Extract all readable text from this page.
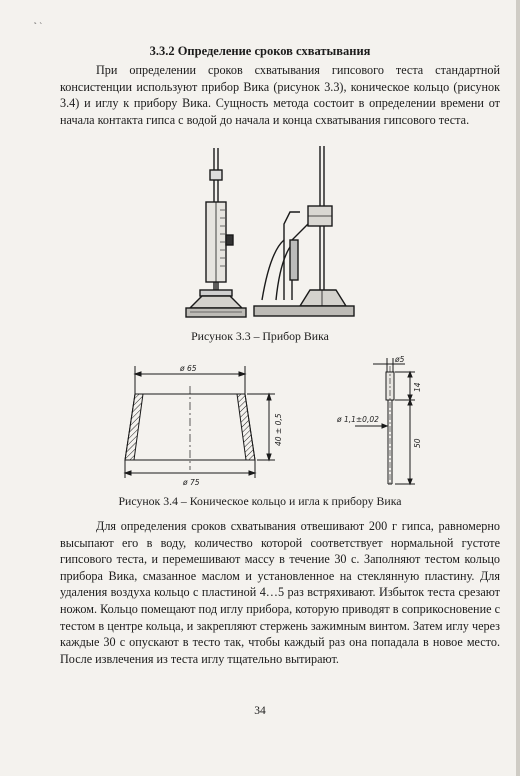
˛ ˏ
3.3.2 Определение сроков схватывания

При определении сроков схватывания гипсового теста стандартной консистенции используют прибор Вика (рисунок 3.3), коническое кольцо (рисунок 3.4) и иглу к прибору Вика. Сущность метода состоит в определении времени от начала контакта гипса с водой до начала и конца схватывания гипсового теста.

Рисунок 3.3 – Прибор Вика
ø 65
40 ± 0,5
ø 75
ø5
14
ø 1,1±0,02
50
Рисунок 3.4 – Коническое кольцо и игла к прибору Вика

Для определения сроков схватывания отвешивают 200 г гипса, равномерно высыпают его в воду, количество которой соответствует нормальной густоте гипсового теста, и перемешивают массу в течение 30 с. Заполняют тестом кольцо прибора Вика, смазанное маслом и установленное на стеклянную пластину. Для удаления воздуха кольцо с пластиной 4…5 раз встряхивают. Избыток теста срезают ножом. Кольцо помещают под иглу прибора, которую приводят в соприкосновение с тестом в центре кольца, и закрепляют стержень зажимным винтом. Затем иглу через каждые 30 с опускают в тесто так, чтобы каждый раз она попадала в новое место. После извлечения из теста иглу тщательно вытирают.

34
